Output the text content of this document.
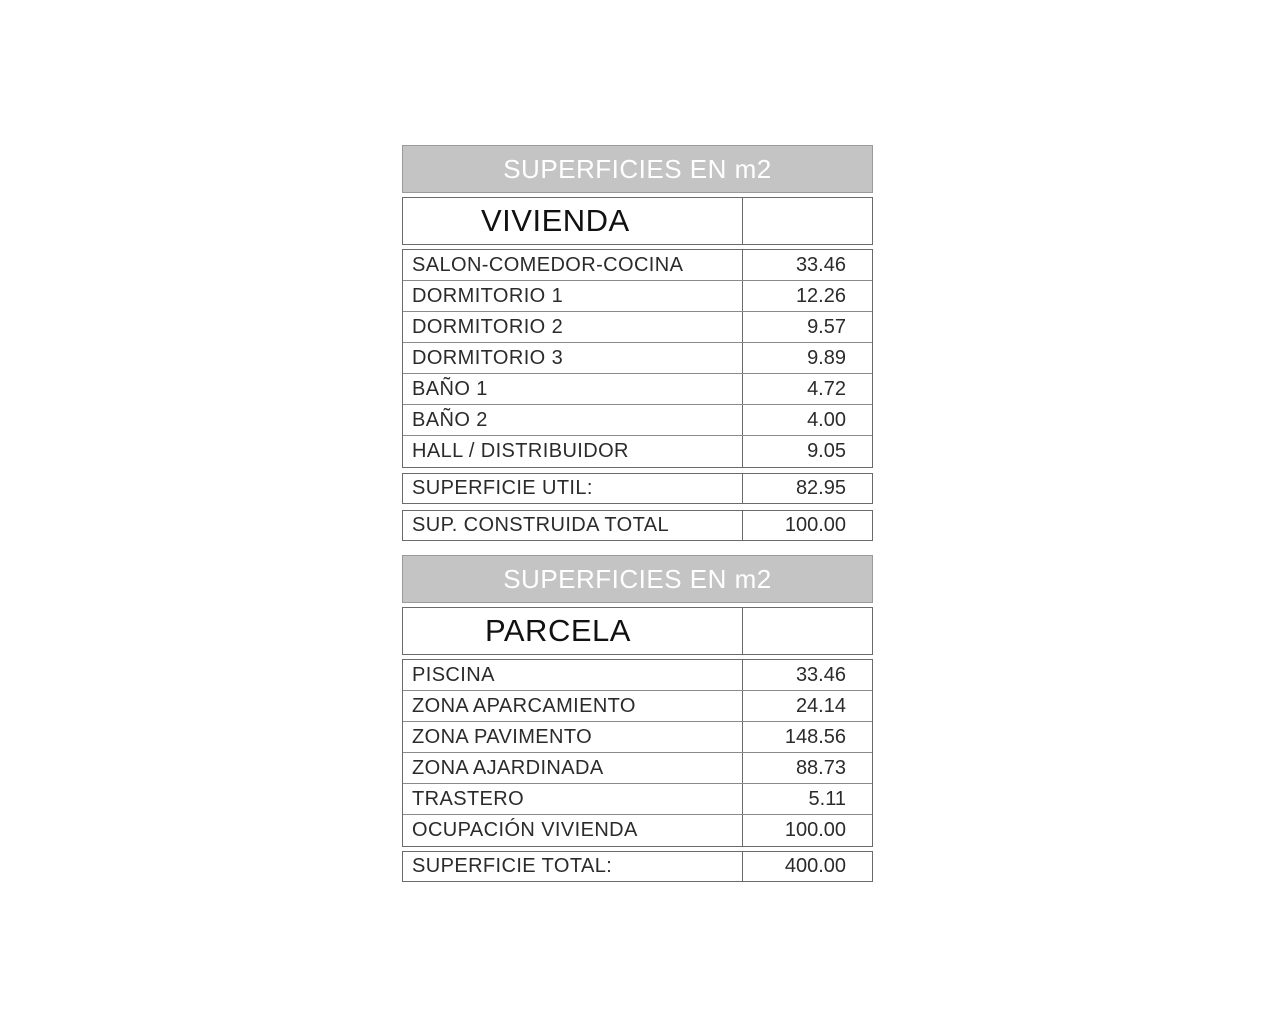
SUPERFICIES EN m2
VIVIENDA
SALON-COMEDOR-COCINA	33.46
DORMITORIO 1	12.26
DORMITORIO 2	9.57
DORMITORIO 3	9.89
BAÑO 1	4.72
BAÑO 2	4.00
HALL / DISTRIBUIDOR	9.05
SUPERFICIE UTIL:	82.95
SUP. CONSTRUIDA TOTAL	100.00
SUPERFICIES EN m2
PARCELA
PISCINA	33.46
ZONA APARCAMIENTO	24.14
ZONA PAVIMENTO	148.56
ZONA AJARDINADA	88.73
TRASTERO	5.11
OCUPACIÓN VIVIENDA	100.00
SUPERFICIE TOTAL:	400.00
